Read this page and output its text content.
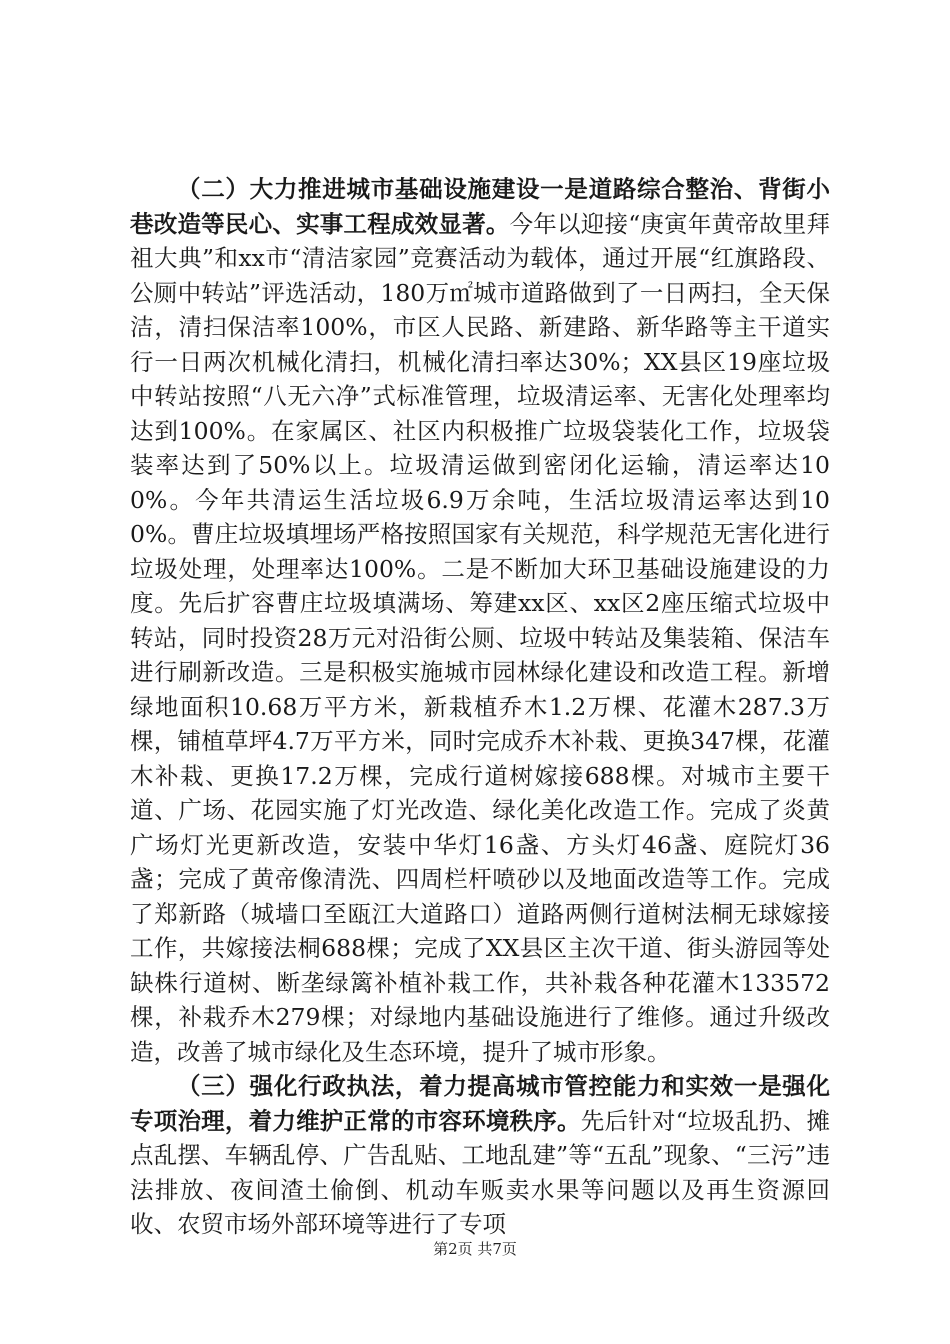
（二）大力推进城市基础设施建设一是道路综合整治、背街小巷改造等民心、实事工程成效显著。今年以迎接“庚寅年黄帝故里拜祖大典”和xx市“清洁家园”竞赛活动为载体，通过开展“红旗路段、公厕中转站”评选活动，180万㎡城市道路做到了一日两扫，全天保洁，清扫保洁率100%，市区人民路、新建路、新华路等主干道实行一日两次机械化清扫，机械化清扫率达30%；XX县区19座垃圾中转站按照“八无六净”式标准管理，垃圾清运率、无害化处理率均达到100%。在家属区、社区内积极推广垃圾袋装化工作，垃圾袋装率达到了50%以上。垃圾清运做到密闭化运输，清运率达100%。今年共清运生活垃圾6.9万余吨，生活垃圾清运率达到100%。曹庄垃圾填埋场严格按照国家有关规范，科学规范无害化进行垃圾处理，处理率达100%。二是不断加大环卫基础设施建设的力度。先后扩容曹庄垃圾填满场、筹建xx区、xx区2座压缩式垃圾中转站，同时投资28万元对沿街公厕、垃圾中转站及集装箱、保洁车进行刷新改造。三是积极实施城市园林绿化建设和改造工程。新增绿地面积10.68万平方米，新栽植乔木1.2万棵、花灌木287.3万棵，铺植草坪4.7万平方米，同时完成乔木补栽、更换347棵，花灌木补栽、更换17.2万棵，完成行道树嫁接688棵。对城市主要干道、广场、花园实施了灯光改造、绿化美化改造工作。完成了炎黄广场灯光更新改造，安装中华灯16盏、方头灯46盏、庭院灯36盏；完成了黄帝像清洗、四周栏杆喷砂以及地面改造等工作。完成了郑新路（城墙口至瓯江大道路口）道路两侧行道树法桐无球嫁接工作，共嫁接法桐688棵；完成了XX县区主次干道、街头游园等处缺株行道树、断垄绿篱补植补栽工作，共补栽各种花灌木133572棵，补栽乔木279棵；对绿地内基础设施进行了维修。通过升级改造，改善了城市绿化及生态环境，提升了城市形象。

（三）强化行政执法，着力提高城市管控能力和实效一是强化专项治理，着力维护正常的市容环境秩序。先后针对“垃圾乱扔、摊点乱摆、车辆乱停、广告乱贴、工地乱建”等“五乱”现象、“三污”违法排放、夜间渣土偷倒、机动车贩卖水果等问题以及再生资源回收、农贸市场外部环境等进行了专项

第2页 共7页
